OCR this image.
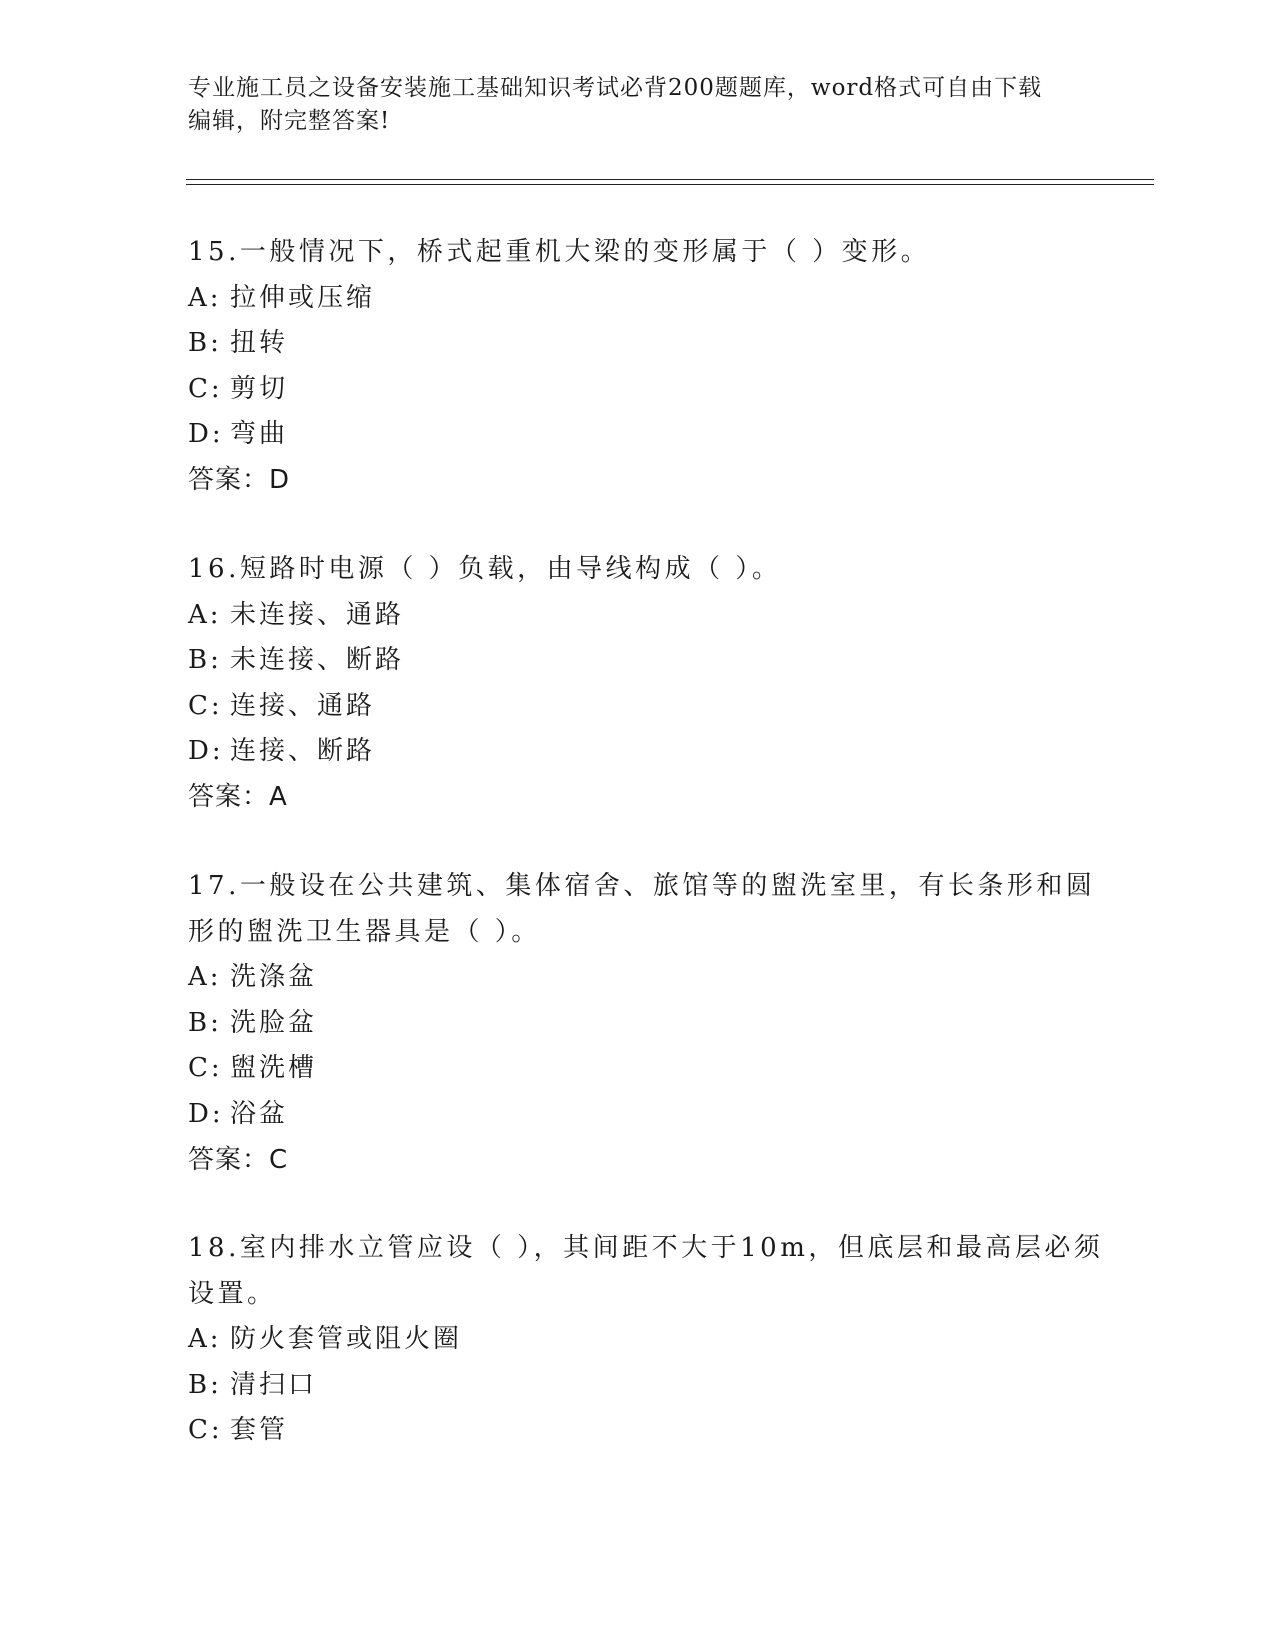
专业施工员之设备安装施工基础知识考试必背200题题库，word格式可自由下载
编辑，附完整答案!
15.一般情况下，桥式起重机大梁的变形属于（ ）变形。
A: 拉伸或压缩
B: 扭转
C: 剪切
D: 弯曲
答案：D
16.短路时电源（ ）负载，由导线构成（ ）。
A: 未连接、通路
B: 未连接、断路
C: 连接、通路
D: 连接、断路
答案：A
17.一般设在公共建筑、集体宿舍、旅馆等的盥洗室里，有长条形和圆
形的盥洗卫生器具是（ ）。
A: 洗涤盆
B: 洗脸盆
C: 盥洗槽
D: 浴盆
答案：C
18.室内排水立管应设（ ），其间距不大于10m，但底层和最高层必须
设置。
A: 防火套管或阻火圈
B: 清扫口
C: 套管
